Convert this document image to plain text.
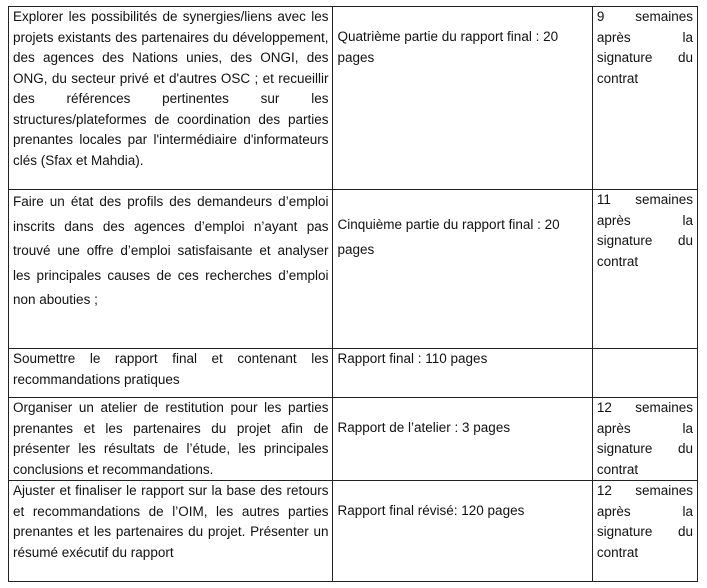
Explorer les possibilités de synergies/liens avec les projets existants des partenaires du développement, des agences des Nations unies, des ONGI, des ONG, du secteur privé et d'autres OSC ; et recueillir des références pertinentes sur les structures/plateformes de coordination des parties prenantes locales par l'intermédiaire d'informateurs clés (Sfax et Mahdia).	Quatrième partie du rapport final : 20 pages	9 semaines après la signature du contrat
Faire un état des profils des demandeurs d’emploi inscrits dans des agences d’emploi n’ayant pas trouvé une offre d’emploi satisfaisante et analyser les principales causes de ces recherches d’emploi non abouties ;	Cinquième partie du rapport final : 20 pages	11 semaines après la signature du contrat
Soumettre le rapport final et contenant les recommandations pratiques	Rapport final : 110 pages	
Organiser un atelier de restitution pour les parties prenantes et les partenaires du projet afin de présenter les résultats de l’étude, les principales conclusions et recommandations.	Rapport de l’atelier : 3 pages	12 semaines après la signature du contrat
Ajuster et finaliser le rapport sur la base des retours et recommandations de l’OIM, les autres parties prenantes et les partenaires du projet. Présenter un résumé exécutif du rapport	Rapport final révisé: 120 pages	12 semaines après la signature du contrat
